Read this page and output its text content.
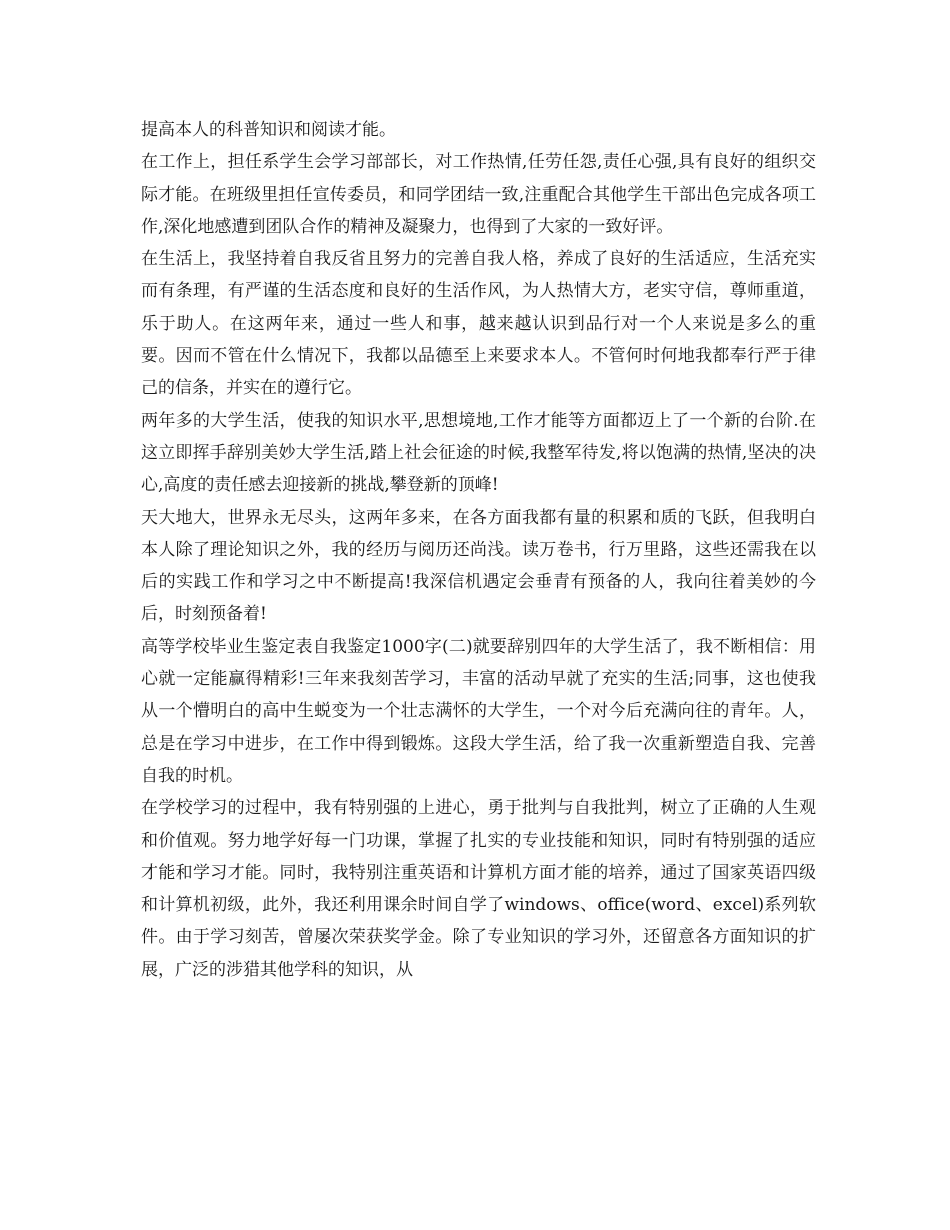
提高本人的科普知识和阅读才能。

在工作上，担任系学生会学习部部长，对工作热情,任劳任怨,责任心强,具有良好的组织交际才能。在班级里担任宣传委员，和同学团结一致,注重配合其他学生干部出色完成各项工作,深化地感遭到团队合作的精神及凝聚力，也得到了大家的一致好评。

在生活上，我坚持着自我反省且努力的完善自我人格，养成了良好的生活适应，生活充实而有条理，有严谨的生活态度和良好的生活作风，为人热情大方，老实守信，尊师重道，乐于助人。在这两年来，通过一些人和事，越来越认识到品行对一个人来说是多么的重要。因而不管在什么情况下，我都以品德至上来要求本人。不管何时何地我都奉行严于律己的信条，并实在的遵行它。

两年多的大学生活，使我的知识水平,思想境地,工作才能等方面都迈上了一个新的台阶.在这立即挥手辞别美妙大学生活,踏上社会征途的时候,我整军待发,将以饱满的热情,坚决的决心,高度的责任感去迎接新的挑战,攀登新的顶峰!

天大地大，世界永无尽头，这两年多来，在各方面我都有量的积累和质的飞跃，但我明白本人除了理论知识之外，我的经历与阅历还尚浅。读万卷书，行万里路，这些还需我在以后的实践工作和学习之中不断提高!我深信机遇定会垂青有预备的人，我向往着美妙的今后，时刻预备着!

高等学校毕业生鉴定表自我鉴定1000字(二)就要辞别四年的大学生活了，我不断相信：用心就一定能赢得精彩!三年来我刻苦学习，丰富的活动早就了充实的生活;同事，这也使我从一个懵明白的高中生蜕变为一个壮志满怀的大学生，一个对今后充满向往的青年。人，总是在学习中进步，在工作中得到锻炼。这段大学生活，给了我一次重新塑造自我、完善自我的时机。

在学校学习的过程中，我有特别强的上进心，勇于批判与自我批判，树立了正确的人生观和价值观。努力地学好每一门功课，掌握了扎实的专业技能和知识，同时有特别强的适应才能和学习才能。同时，我特别注重英语和计算机方面才能的培养，通过了国家英语四级和计算机初级，此外，我还利用课余时间自学了windows、office(word、excel)系列软件。由于学习刻苦，曾屡次荣获奖学金。除了专业知识的学习外，还留意各方面知识的扩展，广泛的涉猎其他学科的知识，从
